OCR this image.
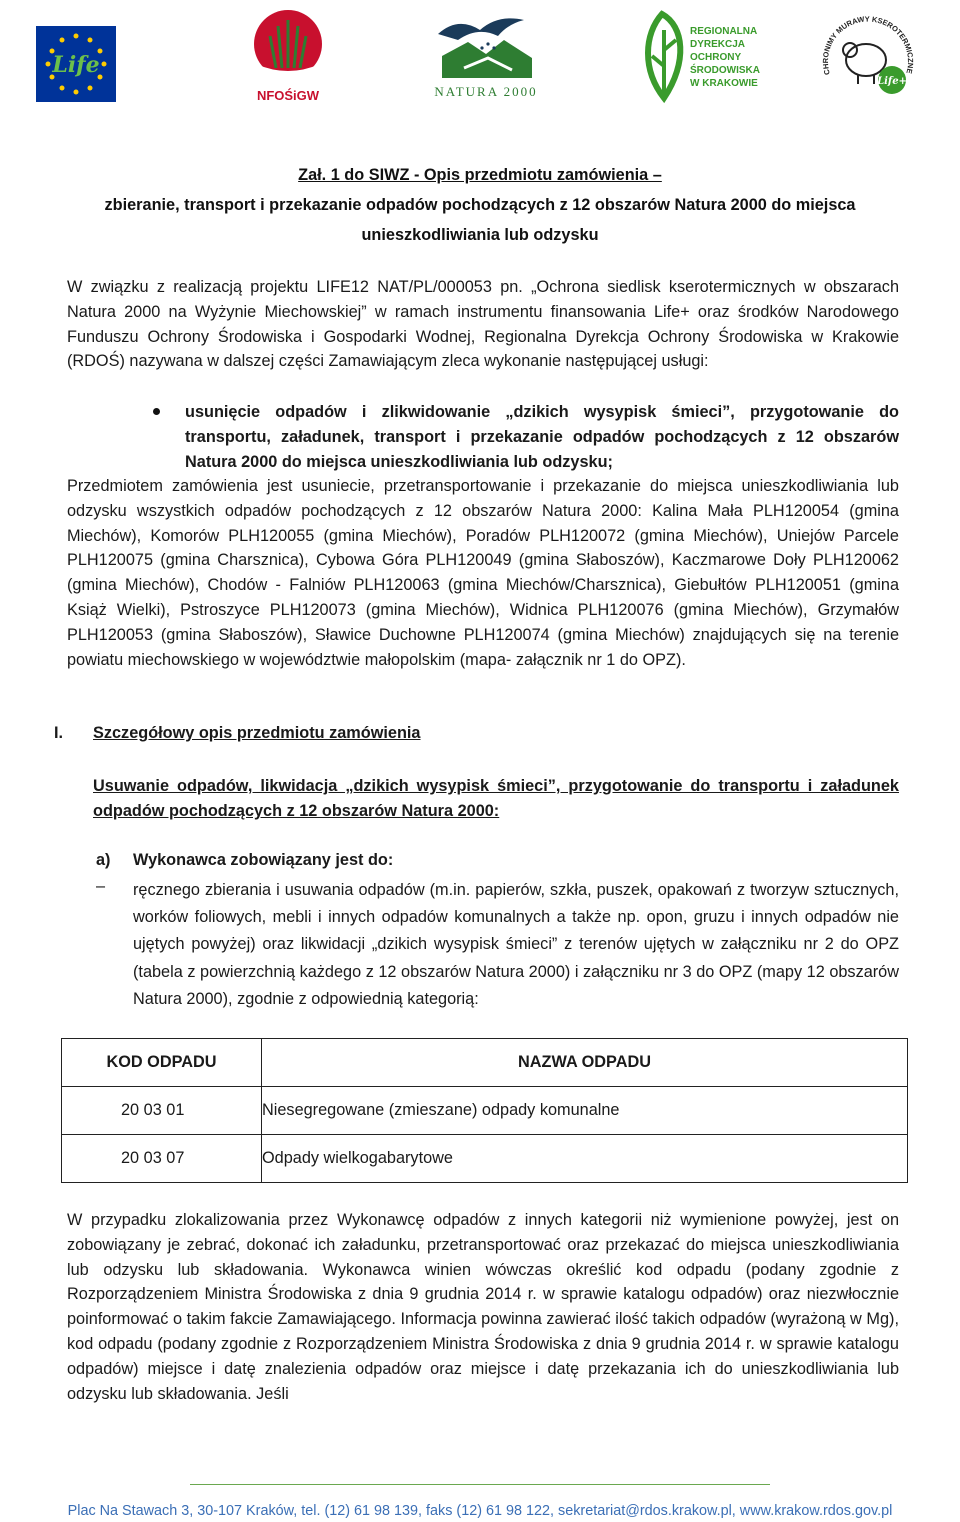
Life
NFOŚiGW	NATURA 2000
REGIONALNA
DYREKCJA
OCHRONY
ŚRODOWISKA
W KRAKOWIE
CHRONIMY MURAWY KSEROTERMICZNE
Life+
Zał. 1 do SIWZ - Opis przedmiotu zamówienia –
zbieranie, transport i przekazanie odpadów pochodzących z 12 obszarów Natura 2000 do miejsca
unieszkodliwiania lub odzysku
W związku z realizacją projektu LIFE12 NAT/PL/000053 pn. „Ochrona siedlisk kserotermicznych w obszarach Natura 2000 na Wyżynie Miechowskiej” w ramach instrumentu finansowania Life+ oraz środków Narodowego Funduszu Ochrony Środowiska i Gospodarki Wodnej, Regionalna Dyrekcja Ochrony Środowiska w Krakowie (RDOŚ) nazywana w dalszej części Zamawiającym zleca wykonanie następującej usługi:
usunięcie odpadów i zlikwidowanie „dzikich wysypisk śmieci”, przygotowanie do transportu, załadunek, transport i przekazanie odpadów pochodzących z 12 obszarów Natura 2000 do miejsca unieszkodliwiania lub odzysku;
Przedmiotem zamówienia jest usuniecie, przetransportowanie i przekazanie do miejsca unieszkodliwiania lub odzysku wszystkich odpadów pochodzących z 12 obszarów Natura 2000: Kalina Mała PLH120054 (gmina Miechów), Komorów PLH120055 (gmina Miechów), Poradów PLH120072 (gmina Miechów), Uniejów Parcele PLH120075 (gmina Charsznica), Cybowa Góra PLH120049 (gmina Słaboszów), Kaczmarowe Doły PLH120062 (gmina Miechów), Chodów - Falniów PLH120063 (gmina Miechów/Charsznica), Giebułtów PLH120051 (gmina Książ Wielki), Pstroszyce PLH120073 (gmina Miechów), Widnica PLH120076 (gmina Miechów), Grzymałów PLH120053 (gmina Słaboszów), Sławice Duchowne PLH120074 (gmina Miechów) znajdujących się na terenie powiatu miechowskiego w województwie małopolskim (mapa- załącznik nr 1 do OPZ).
I. Szczegółowy opis przedmiotu zamówienia
Usuwanie odpadów, likwidacja „dzikich wysypisk śmieci”, przygotowanie do transportu i załadunek odpadów pochodzących z 12 obszarów Natura 2000:
a) Wykonawca zobowiązany jest do:
– ręcznego zbierania i usuwania odpadów (m.in. papierów, szkła, puszek, opakowań z tworzyw sztucznych, worków foliowych, mebli i innych odpadów komunalnych a także np. opon, gruzu i innych odpadów nie ujętych powyżej) oraz likwidacji „dzikich wysypisk śmieci” z terenów ujętych w załączniku nr 2 do OPZ (tabela z powierzchnią każdego z 12 obszarów Natura 2000) i załączniku nr 3 do OPZ (mapy 12 obszarów Natura 2000), zgodnie z odpowiednią kategorią:
KOD ODPADU	NAZWA ODPADU
20 03 01	Niesegregowane (zmieszane) odpady komunalne
20 03 07	Odpady wielkogabarytowe
W przypadku zlokalizowania przez Wykonawcę odpadów z innych kategorii niż wymienione powyżej, jest on zobowiązany je zebrać, dokonać ich załadunku, przetransportować oraz przekazać do miejsca unieszkodliwiania lub odzysku lub składowania. Wykonawca winien wówczas określić kod odpadu (podany zgodnie z Rozporządzeniem Ministra Środowiska z dnia 9 grudnia 2014 r. w sprawie katalogu odpadów) oraz niezwłocznie poinformować o takim fakcie Zamawiającego. Informacja powinna zawierać ilość takich odpadów (wyrażoną w Mg), kod odpadu (podany zgodnie z Rozporządzeniem Ministra Środowiska z dnia 9 grudnia 2014 r. w sprawie katalogu odpadów) miejsce i datę znalezienia odpadów oraz miejsce i datę przekazania ich do unieszkodliwiania lub odzysku lub składowania. Jeśli
Plac Na Stawach 3, 30-107 Kraków, tel. (12) 61 98 139, faks (12) 61 98 122, sekretariat@rdos.krakow.pl, www.krakow.rdos.gov.pl
